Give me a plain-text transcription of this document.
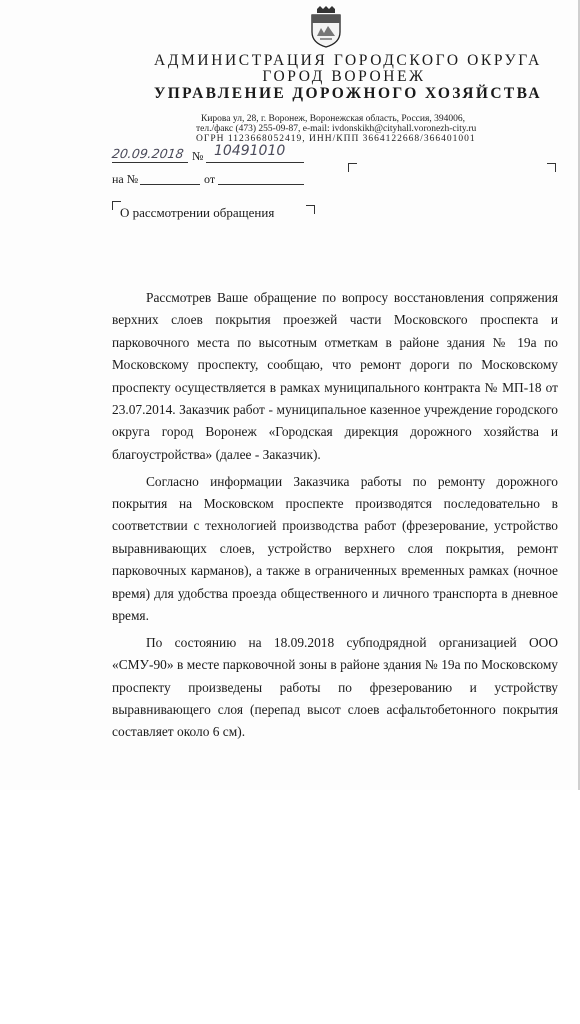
АДМИНИСТРАЦИЯ ГОРОДСКОГО ОКРУГА
ГОРОД ВОРОНЕЖ
УПРАВЛЕНИЕ ДОРОЖНОГО ХОЗЯЙСТВА
Кирова ул, 28, г. Воронеж, Воронежская область, Россия, 394006,
тел./факс (473) 255-09-87, e-mail: ivdonskikh@cityhall.voronezh-city.ru
ОГРН 1123668052419, ИНН/КПП 3664122668/366401001
20.09.2018 № 10491010
на №	от
О рассмотрении обращения

Рассмотрев Ваше обращение по вопросу восстановления сопряжения верхних слоев покрытия проезжей части Московского проспекта и парковочного места по высотным отметкам в районе здания № 19а по Московскому проспекту, сообщаю, что ремонт дороги по Московскому проспекту осуществляется в рамках муниципального контракта № МП-18 от 23.07.2014. Заказчик работ - муниципальное казенное учреждение городского округа город Воронеж «Городская дирекция дорожного хозяйства и благоустройства» (далее - Заказчик).

Согласно информации Заказчика работы по ремонту дорожного покрытия на Московском проспекте производятся последовательно в соответствии с технологией производства работ (фрезерование, устройство выравнивающих слоев, устройство верхнего слоя покрытия, ремонт парковочных карманов), а также в ограниченных временных рамках (ночное время) для удобства проезда общественного и личного транспорта в дневное время.

По состоянию на 18.09.2018 субподрядной организацией ООО «СМУ-90» в месте парковочной зоны в районе здания № 19а по Московскому проспекту произведены работы по фрезерованию и устройству выравнивающего слоя (перепад высот слоев асфальтобетонного покрытия составляет около 6 см).
